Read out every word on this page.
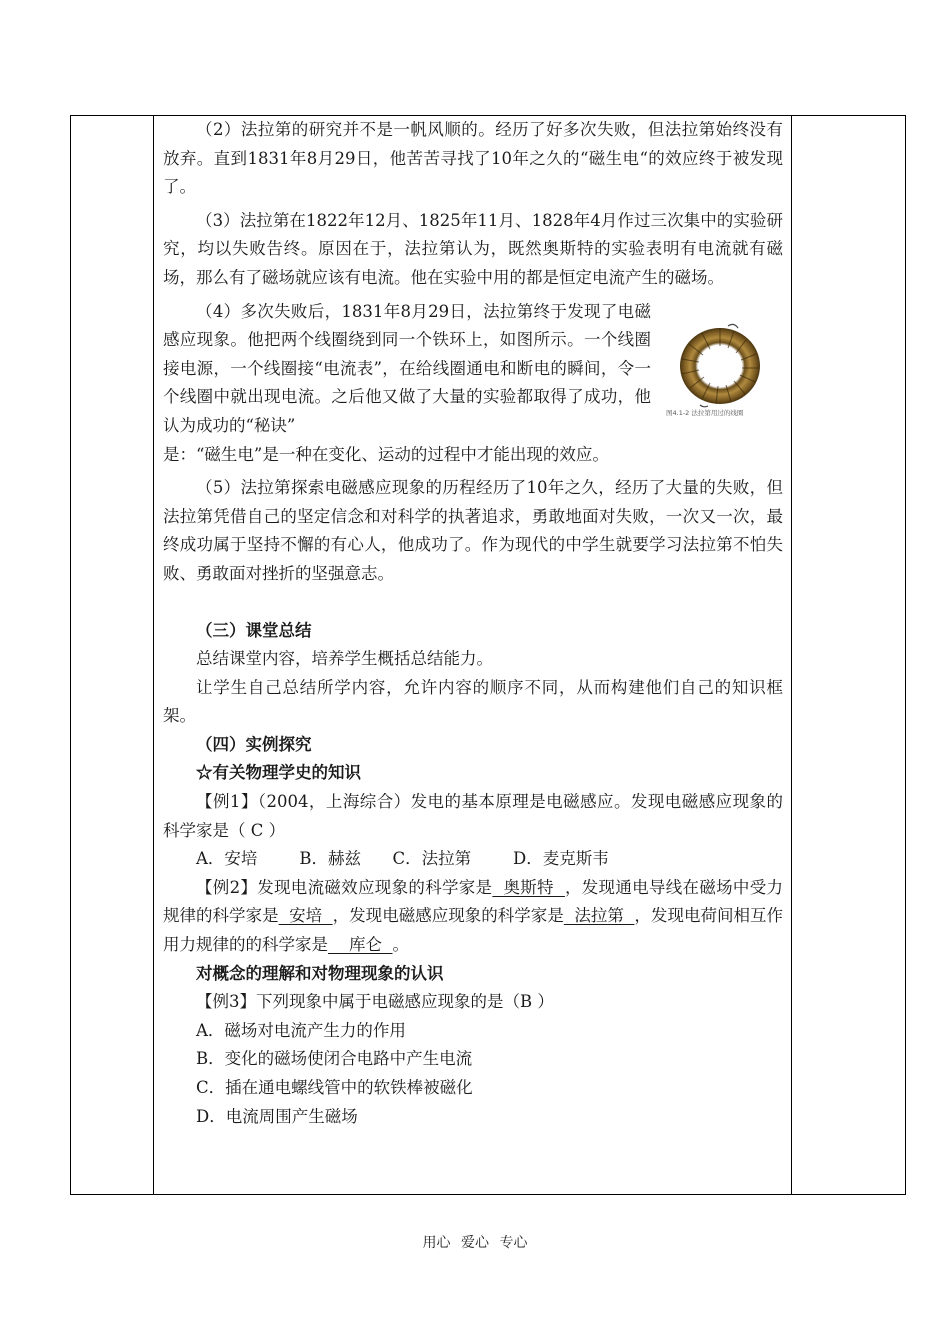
（2）法拉第的研究并不是一帆风顺的。经历了好多次失败，但法拉第始终没有放弃。直到1831年8月29日，他苦苦寻找了10年之久的“磁生电“的效应终于被发现了。

（3）法拉第在1822年12月、1825年11月、1828年4月作过三次集中的实验研究，均以失败告终。原因在于，法拉第认为，既然奥斯特的实验表明有电流就有磁场，那么有了磁场就应该有电流。他在实验中用的都是恒定电流产生的磁场。

（4）多次失败后，1831年8月29日，法拉第终于发现了电磁感应现象。他把两个线圈绕到同一个铁环上，如图所示。一个线圈接电源，一个线圈接“电流表”，在给线圈通电和断电的瞬间，令一个线圈中就出现电流。之后他又做了大量的实验都取得了成功，他认为成功的“秘诀”

图4.1-2 法拉第用过的线圈
是：“磁生电”是一种在变化、运动的过程中才能出现的效应。

（5）法拉第探索电磁感应现象的历程经历了10年之久，经历了大量的失败，但法拉第凭借自己的坚定信念和对科学的执著追求，勇敢地面对失败，一次又一次，最终成功属于坚持不懈的有心人，他成功了。作为现代的中学生就要学习法拉第不怕失败、勇敢面对挫折的坚强意志。

（三）课堂总结
总结课堂内容，培养学生概括总结能力。

让学生自己总结所学内容，允许内容的顺序不同，从而构建他们自己的知识框架。

（四）实例探究
☆有关物理学史的知识

【例1】（2004，上海综合）发电的基本原理是电磁感应。发现电磁感应现象的科学家是（ C ）

A．安培        B．赫兹      C．法拉第        D．麦克斯韦

【例2】发现电流磁效应现象的科学家是  奥斯特  ，发现通电导线在磁场中受力规律的科学家是  安培  ，发现电磁感应现象的科学家是  法拉第  ，发现电荷间相互作用力规律的的科学家是    库仑  。

对概念的理解和对物理现象的认识
【例3】下列现象中属于电磁感应现象的是（B ）
A．磁场对电流产生力的作用
B．变化的磁场使闭合电路中产生电流
C．插在通电螺线管中的软铁棒被磁化
D．电流周围产生磁场
用心 爱心 专心
